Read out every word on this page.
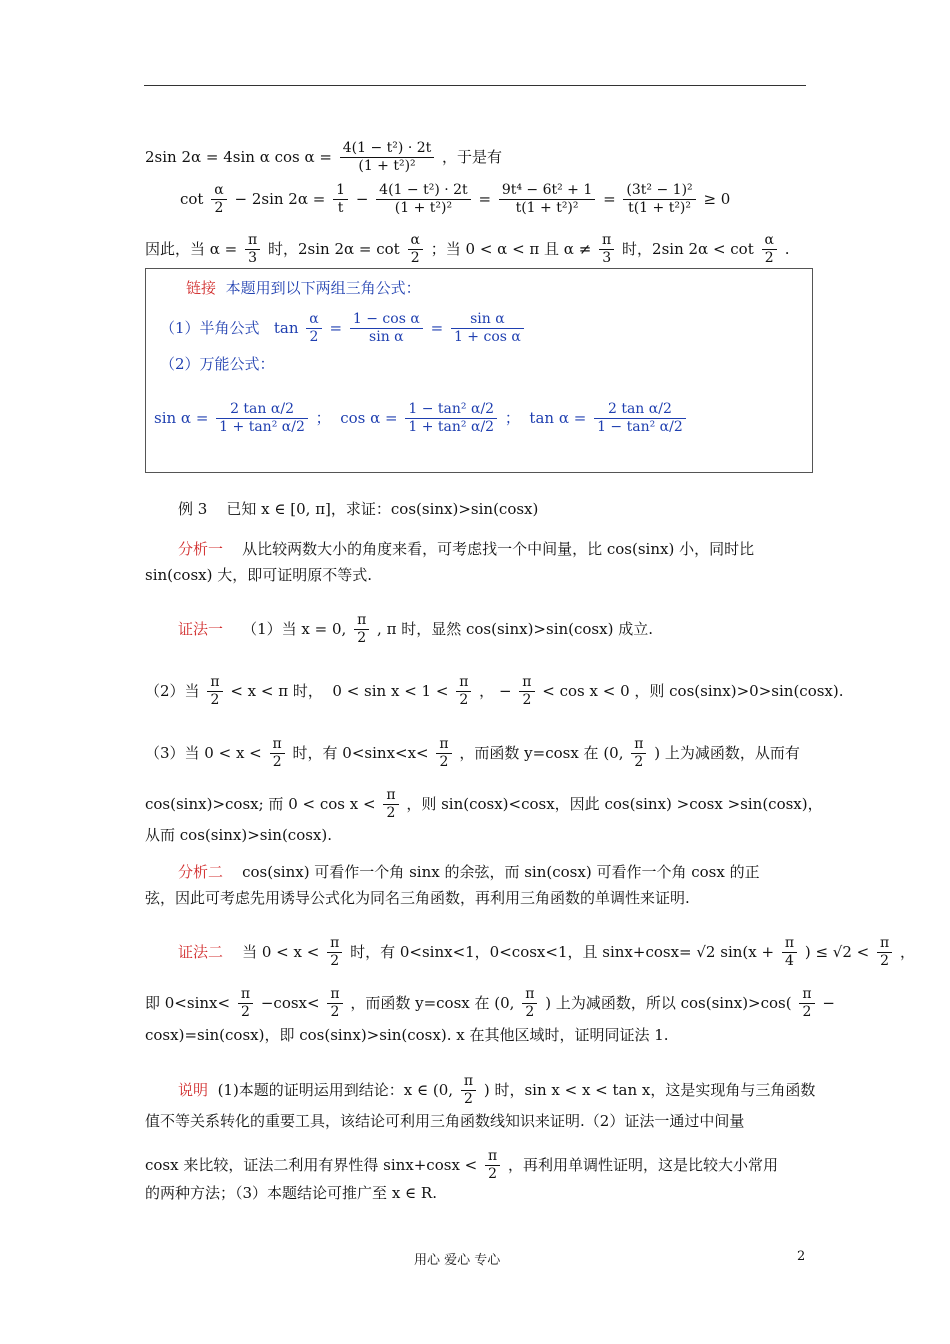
2sin 2α = 4sin α $\cos \alpha = \frac{\text{4(1 − t²) · 2t}}{\text{(1 + t²)²}}$ ，于是有
$\cot \frac{\alpha}{2} - 2\sin$ $2\alpha = \frac{1}{t} - \frac{\text{4(1 − t²) · 2t}}{\text{(1 + t²)²}} = \frac{\text{9t⁴ − 6t² + 1}}{\text{t(1 + t²)²}} = \frac{\text{(3t² − 1)²}}{\text{t(1 + t²)²}} \ge 0$
因此，当 $\alpha = \frac{\pi}{3}$ 时，2sin $2\alpha = \cot \frac{\alpha}{2}$ ；当 0 < α < π 且 $\alpha \ne \frac{\pi}{3}$ 时，2sin $2\alpha < \cot \frac{\alpha}{2}$ .
链接 本题用到以下两组三角公式：
（1）半角公式 $\tan \frac{\alpha}{2} = \frac{\text{1 − cos α}}{\text{sin α}} = \frac{\text{sin α}}{\text{1 + cos α}}$
（2）万能公式：
$\sin \alpha = \frac{\text{2 tan α/2}}{\text{1 + tan² α/2}}$ ； $\cos \alpha = \frac{\text{1 − tan² α/2}}{\text{1 + tan² α/2}}$ ； $\tan \alpha = \frac{\text{2 tan α/2}}{\text{1 − tan² α/2}}$
例 3 已知 x ∈ [0, π]，求证：cos(sinx)>sin(cosx)
分析一 从比较两数大小的角度来看，可考虑找一个中间量，比 cos(sinx) 小，同时比
sin(cosx) 大，即可证明原不等式.
证法一 （1）当 x = 0, $\frac{\pi}{2}$ , π 时，显然 cos(sinx)>sin(cosx) 成立.
（2）当 $\frac{\pi}{2} < x < \pi$ 时， $0 < \sin x < 1 < \frac{\pi}{2}$ ， − $\frac{\pi}{2} < \cos x < 0$ ，则 cos(sinx)>0>sin(cosx).
（3）当 $0 < x < \frac{\pi}{2}$ 时，有 $0<\sin x<x< \frac{\pi}{2}$ ，而函数 y=cosx 在 (0, $\frac{\pi}{2}$ ) 上为减函数，从而有
cos(sinx)>cosx; 而 $0 < \cos x < \frac{\pi}{2}$ ，则 sin(cosx)<cosx，因此 cos(sinx) >cosx >sin(cosx)，
从而 cos(sinx)>sin(cosx).
分析二 cos(sinx) 可看作一个角 sinx 的余弦，而 sin(cosx) 可看作一个角 cosx 的正
弦，因此可考虑先用诱导公式化为同名三角函数，再利用三角函数的单调性来证明.
证法二 当 $0 < x < \frac{\pi}{2}$ 时，有 0<sinx<1，0<cosx<1，且 sinx+cosx= √2 $\sin(x + \frac{\pi}{4}$ ) ≤ $√2 < \frac{\pi}{2}$ ，
即 $0<\sin x< \frac{\pi}{2} -\cos x< \frac{\pi}{2}$ ，而函数 y=cosx 在 (0, $\frac{\pi}{2}$ ) 上为减函数，所以 $\cos(\sin x)>\cos( \frac{\pi}{2}$ −
cosx)=sin(cosx)，即 cos(sinx)>sin(cosx). x 在其他区域时，证明同证法 1.
说明 (1)本题的证明运用到结论：x ∈ (0, $\frac{\pi}{2}$ ) 时，sin x < x < tan x，这是实现角与三角函数
值不等关系转化的重要工具，该结论可利用三角函数线知识来证明.（2）证法一通过中间量
cosx 来比较，证法二利用有界性得 $\sin x+\cos x < \frac{\pi}{2}$ ，再利用单调性证明，这是比较大小常用
的两种方法；（3）本题结论可推广至 x ∈ R.
用心 爱心 专心	2
